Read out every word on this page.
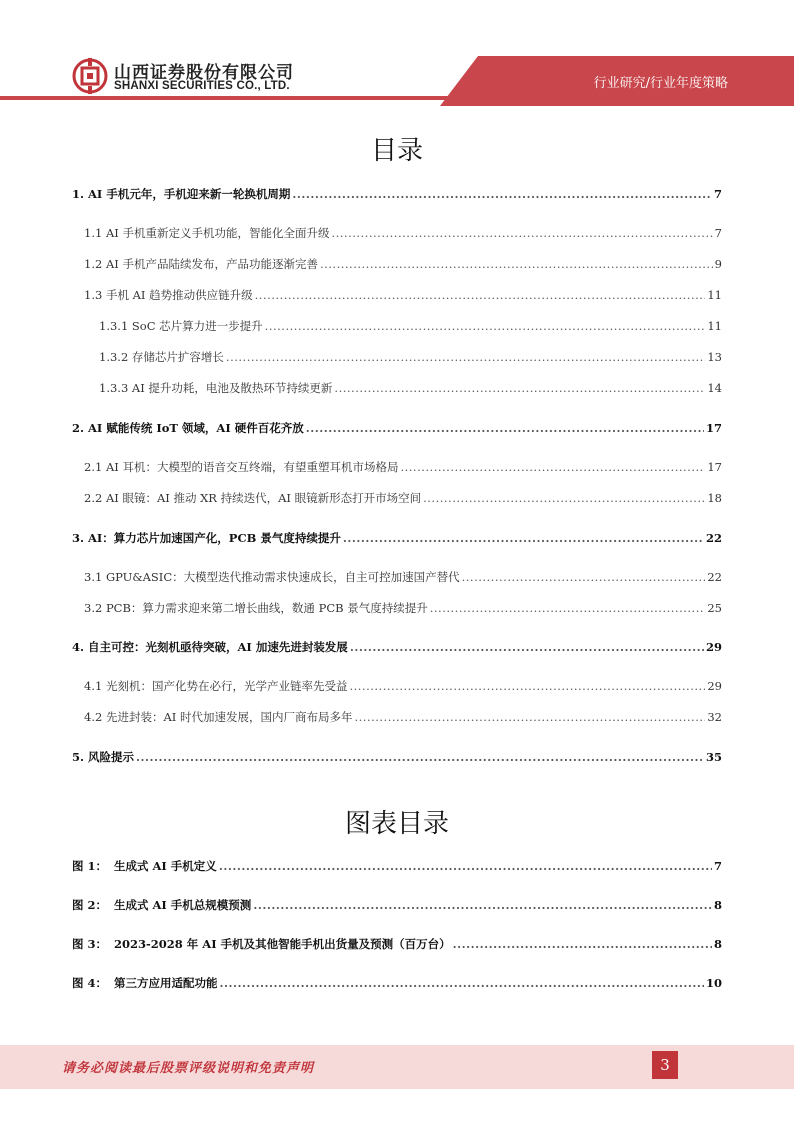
山西证券股份有限公司
SHANXI SECURITIES CO., LTD.	行业研究/行业年度策略
目录
1. AI 手机元年，手机迎来新一轮换机周期 .....	7
1.1 AI 手机重新定义手机功能，智能化全面升级 .....	7
1.2 AI 手机产品陆续发布，产品功能逐渐完善 .....	9
1.3 手机 AI 趋势推动供应链升级 .....	11
1.3.1 SoC 芯片算力进一步提升 .....	11
1.3.2 存储芯片扩容增长 .....	13
1.3.3 AI 提升功耗，电池及散热环节持续更新 .....	14
2. AI 赋能传统 IoT 领域，AI 硬件百花齐放 .....	17
2.1 AI 耳机：大模型的语音交互终端，有望重塑耳机市场格局 .....	17
2.2 AI 眼镜：AI 推动 XR 持续迭代，AI 眼镜新形态打开市场空间 .....	18
3. AI：算力芯片加速国产化，PCB 景气度持续提升 .....	22
3.1 GPU&ASIC：大模型迭代推动需求快速成长，自主可控加速国产替代 .....	22
3.2 PCB：算力需求迎来第二增长曲线，数通 PCB 景气度持续提升 .....	25
4. 自主可控：光刻机亟待突破，AI 加速先进封装发展 .....	29
4.1 光刻机：国产化势在必行，光学产业链率先受益 .....	29
4.2 先进封装：AI 时代加速发展，国内厂商布局多年 .....	32
5. 风险提示 .....	35
图表目录
图 1： 生成式 AI 手机定义 .....	7
图 2： 生成式 AI 手机总规模预测 .....	8
图 3： 2023-2028 年 AI 手机及其他智能手机出货量及预测（百万台） .....	8
图 4： 第三方应用适配功能 .....	10
请务必阅读最后股票评级说明和免责声明	3
